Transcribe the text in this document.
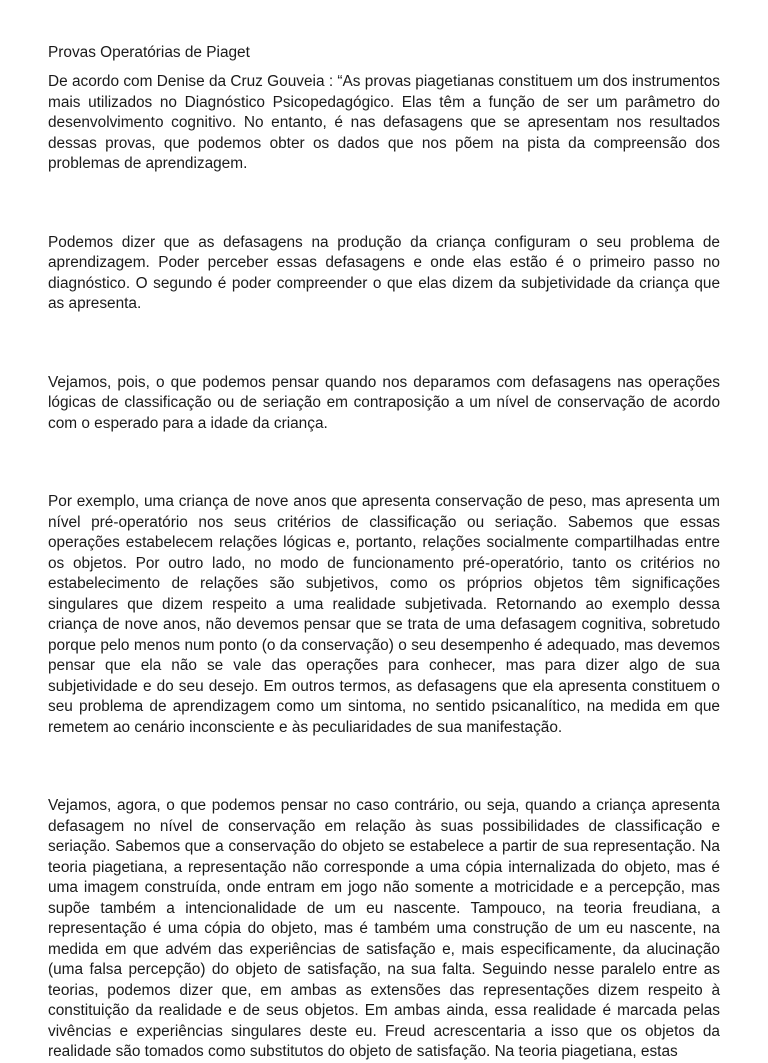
Provas Operatórias de Piaget

De acordo com Denise da Cruz Gouveia : “As provas piagetianas constituem um dos instrumentos mais utilizados no Diagnóstico Psicopedagógico. Elas têm a função de ser um parâmetro do desenvolvimento cognitivo. No entanto, é nas defasagens que se apresentam nos resultados dessas provas, que podemos obter os dados que nos põem na pista da compreensão dos problemas de aprendizagem.

Podemos dizer que as defasagens na produção da criança configuram o seu problema de aprendizagem. Poder perceber essas defasagens e onde elas estão é o primeiro passo no diagnóstico. O segundo é poder compreender o que elas dizem da subjetividade da criança que as apresenta.

Vejamos, pois, o que podemos pensar quando nos deparamos com defasagens nas operações lógicas de classificação ou de seriação em contraposição a um nível de conservação de acordo com o esperado para a idade da criança.

Por exemplo, uma criança de nove anos que apresenta conservação de peso, mas apresenta um nível pré-operatório nos seus critérios de classificação ou seriação. Sabemos que essas operações estabelecem relações lógicas e, portanto, relações socialmente compartilhadas entre os objetos. Por outro lado, no modo de funcionamento pré-operatório, tanto os critérios no estabelecimento de relações são subjetivos, como os próprios objetos têm significações singulares que dizem respeito a uma realidade subjetivada. Retornando ao exemplo dessa criança de nove anos, não devemos pensar que se trata de uma defasagem cognitiva, sobretudo porque pelo menos num ponto (o da conservação) o seu desempenho é adequado, mas devemos pensar que ela não se vale das operações para conhecer, mas para dizer algo de sua subjetividade e do seu desejo. Em outros termos, as defasagens que ela apresenta constituem o seu problema de aprendizagem como um sintoma, no sentido psicanalítico, na medida em que remetem ao cenário inconsciente e às peculiaridades de sua manifestação.

Vejamos, agora, o que podemos pensar no caso contrário, ou seja, quando a criança apresenta defasagem no nível de conservação em relação às suas possibilidades de classificação e seriação. Sabemos que a conservação do objeto se estabelece a partir de sua representação. Na teoria piagetiana, a representação não corresponde a uma cópia internalizada do objeto, mas é uma imagem construída, onde entram em jogo não somente a motricidade e a percepção, mas supõe também a intencionalidade de um eu nascente. Tampouco, na teoria freudiana, a representação é uma cópia do objeto, mas é também uma construção de um eu nascente, na medida em que advém das experiências de satisfação e, mais especificamente, da alucinação (uma falsa percepção) do objeto de satisfação, na sua falta. Seguindo nesse paralelo entre as teorias, podemos dizer que, em ambas as extensões das representações dizem respeito à constituição da realidade e de seus objetos. Em ambas ainda, essa realidade é marcada pelas vivências e experiências singulares deste eu. Freud acrescentaria a isso que os objetos da realidade são tomados como substitutos do objeto de satisfação. Na teoria piagetiana, estas
